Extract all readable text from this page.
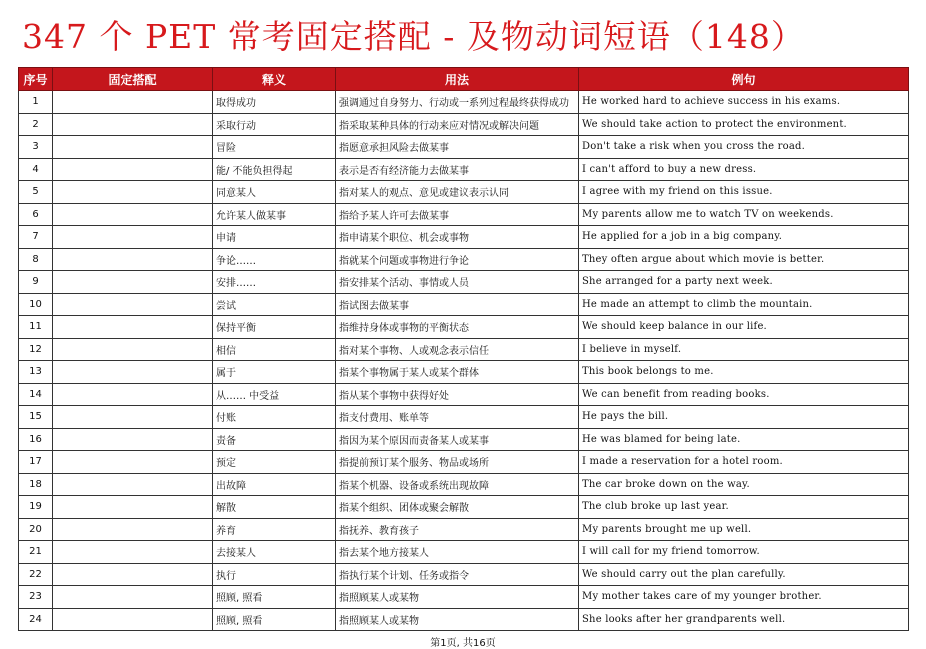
347 个 PET 常考固定搭配 - 及物动词短语（148）
序号	固定搭配	释义	用法	例句
1		取得成功	强调通过自身努力、行动或一系列过程最终获得成功	He worked hard to achieve success in his exams.
2		采取行动	指采取某种具体的行动来应对情况或解决问题	We should take action to protect the environment.
3		冒险	指愿意承担风险去做某事	Don't take a risk when you cross the road.
4		能/ 不能负担得起	表示是否有经济能力去做某事	I can't afford to buy a new dress.
5		同意某人	指对某人的观点、意见或建议表示认同	I agree with my friend on this issue.
6		允许某人做某事	指给予某人许可去做某事	My parents allow me to watch TV on weekends.
7		申请	指申请某个职位、机会或事物	He applied for a job in a big company.
8		争论……	指就某个问题或事物进行争论	They often argue about which movie is better.
9		安排……	指安排某个活动、事情或人员	She arranged for a party next week.
10		尝试	指试图去做某事	He made an attempt to climb the mountain.
11		保持平衡	指维持身体或事物的平衡状态	We should keep balance in our life.
12		相信	指对某个事物、人或观念表示信任	I believe in myself.
13		属于	指某个事物属于某人或某个群体	This book belongs to me.
14		从…… 中受益	指从某个事物中获得好处	We can benefit from reading books.
15		付账	指支付费用、账单等	He pays the bill.
16		责备	指因为某个原因而责备某人或某事	He was blamed for being late.
17		预定	指提前预订某个服务、物品或场所	I made a reservation for a hotel room.
18		出故障	指某个机器、设备或系统出现故障	The car broke down on the way.
19		解散	指某个组织、团体或聚会解散	The club broke up last year.
20		养育	指抚养、教育孩子	My parents brought me up well.
21		去接某人	指去某个地方接某人	I will call for my friend tomorrow.
22		执行	指执行某个计划、任务或指令	We should carry out the plan carefully.
23		照顾, 照看	指照顾某人或某物	My mother takes care of my younger brother.
24		照顾, 照看	指照顾某人或某物	She looks after her grandparents well.
第1页, 共16页
